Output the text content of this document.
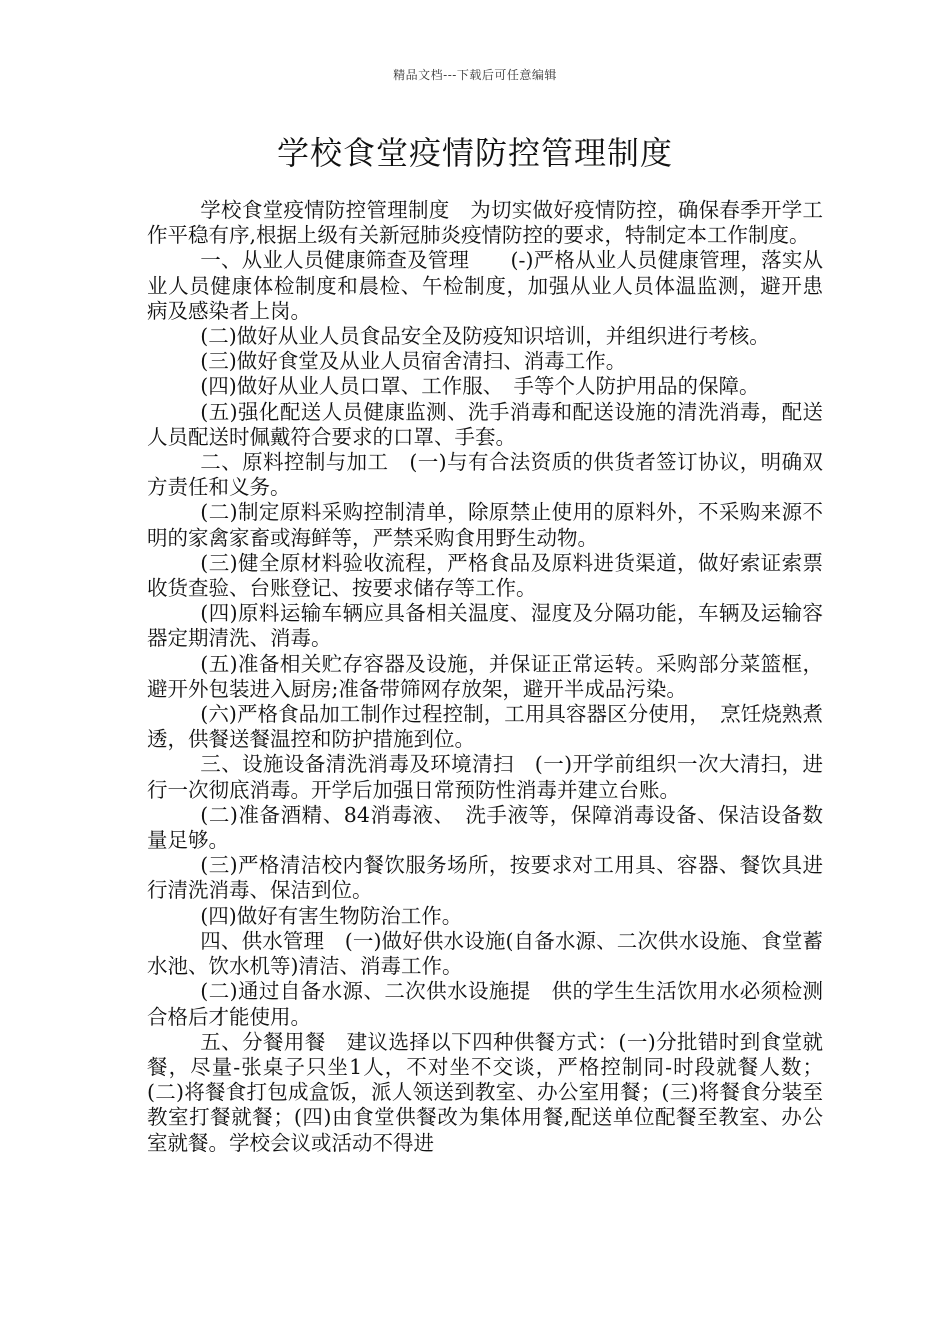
精品文档---下载后可任意编辑
学校食堂疫情防控管理制度

学校食堂疫情防控管理制度　为切实做好疫情防控，确保春季开学工作平稳有序,根据上级有关新冠肺炎疫情防控的要求，特制定本工作制度。

一、从业人员健康筛查及管理　　(-)严格从业人员健康管理，落实从业人员健康体检制度和晨检、午检制度，加强从业人员体温监测，避开患病及感染者上岗。

(二)做好从业人员食品安全及防疫知识培训，并组织进行考核。

(三)做好食堂及从业人员宿舍清扫、消毒工作。

(四)做好从业人员口罩、工作服、　手等个人防护用品的保障。

(五)强化配送人员健康监测、洗手消毒和配送设施的清洗消毒，配送人员配送时佩戴符合要求的口罩、手套。

二、原料控制与加工　(一)与有合法资质的供货者签订协议，明确双方责任和义务。

(二)制定原料采购控制清单，除原禁止使用的原料外，不采购来源不明的家禽家畜或海鲜等，严禁采购食用野生动物。

(三)健全原材料验收流程，严格食品及原料进货渠道，做好索证索票收货查验、台账登记、按要求储存等工作。

(四)原料运输车辆应具备相关温度、湿度及分隔功能，车辆及运输容器定期清洗、消毒。

(五)准备相关贮存容器及设施，并保证正常运转。采购部分菜篮框，避开外包装进入厨房;准备带筛网存放架，避开半成品污染。

(六)严格食品加工制作过程控制，工用具容器区分使用，　烹饪烧熟煮透，供餐送餐温控和防护措施到位。

三、设施设备清洗消毒及环境清扫　(一)开学前组织一次大清扫，进行一次彻底消毒。开学后加强日常预防性消毒并建立台账。

(二)准备酒精、84消毒液、　洗手液等，保障消毒设备、保洁设备数量足够。

(三)严格清洁校内餐饮服务场所，按要求对工用具、容器、餐饮具进行清洗消毒、保洁到位。

(四)做好有害生物防治工作。

四、供水管理　(一)做好供水设施(自备水源、二次供水设施、食堂蓄水池、饮水机等)清洁、消毒工作。

(二)通过自备水源、二次供水设施提　供的学生生活饮用水必须检测合格后才能使用。

五、分餐用餐　建议选择以下四种供餐方式：(一)分批错时到食堂就餐，尽量-张桌子只坐1人，不对坐不交谈，严格控制同-时段就餐人数；(二)将餐食打包成盒饭，派人领送到教室、办公室用餐；(三)将餐食分装至教室打餐就餐；(四)由食堂供餐改为集体用餐,配送单位配餐至教室、办公室就餐。学校会议或活动不得进
